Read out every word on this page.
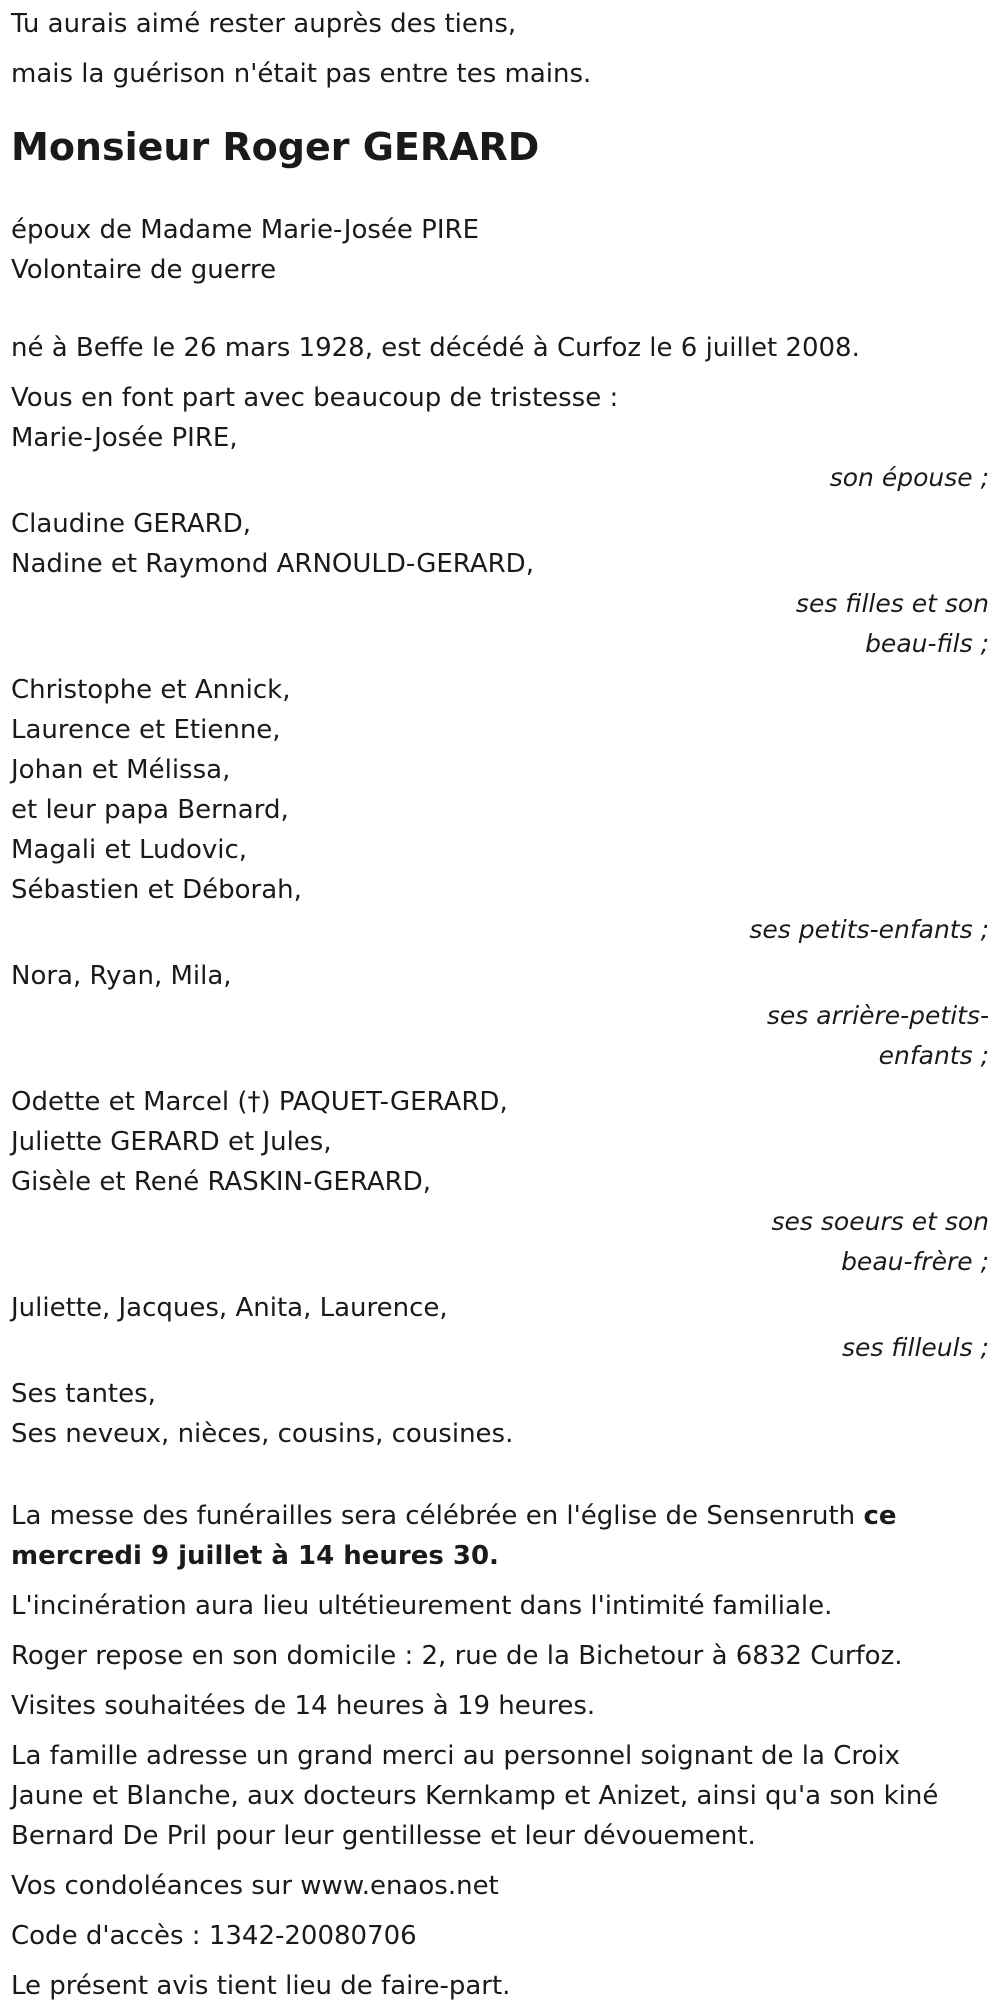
Tu aurais aimé rester auprès des tiens,
mais la guérison n'était pas entre tes mains.
Monsieur Roger GERARD
époux de Madame Marie-Josée PIRE
Volontaire de guerre
né à Beffe le 26 mars 1928, est décédé à Curfoz le 6 juillet 2008.
Vous en font part avec beaucoup de tristesse :
Marie-Josée PIRE,
son épouse ;
Claudine GERARD,
Nadine et Raymond ARNOULD-GERARD,
ses filles et son
beau-fils ;
Christophe et Annick,
Laurence et Etienne,
Johan et Mélissa,
et leur papa Bernard,
Magali et Ludovic,
Sébastien et Déborah,
ses petits-enfants ;
Nora, Ryan, Mila,
ses arrière-petits-
enfants ;
Odette et Marcel (†) PAQUET-GERARD,
Juliette GERARD et Jules,
Gisèle et René RASKIN-GERARD,
ses soeurs et son
beau-frère ;
Juliette, Jacques, Anita, Laurence,
ses filleuls ;
Ses tantes,
Ses neveux, nièces, cousins, cousines.
La messe des funérailles sera célébrée en l'église de Sensenruth ce
mercredi 9 juillet à 14 heures 30.
L'incinération aura lieu ultétieurement dans l'intimité familiale.
Roger repose en son domicile : 2, rue de la Bichetour à 6832 Curfoz.
Visites souhaitées de 14 heures à 19 heures.
La famille adresse un grand merci au personnel soignant de la Croix
Jaune et Blanche, aux docteurs Kernkamp et Anizet, ainsi qu'a son kiné
Bernard De Pril pour leur gentillesse et leur dévouement.
Vos condoléances sur www.enaos.net
Code d'accès : 1342-20080706
Le présent avis tient lieu de faire-part.
